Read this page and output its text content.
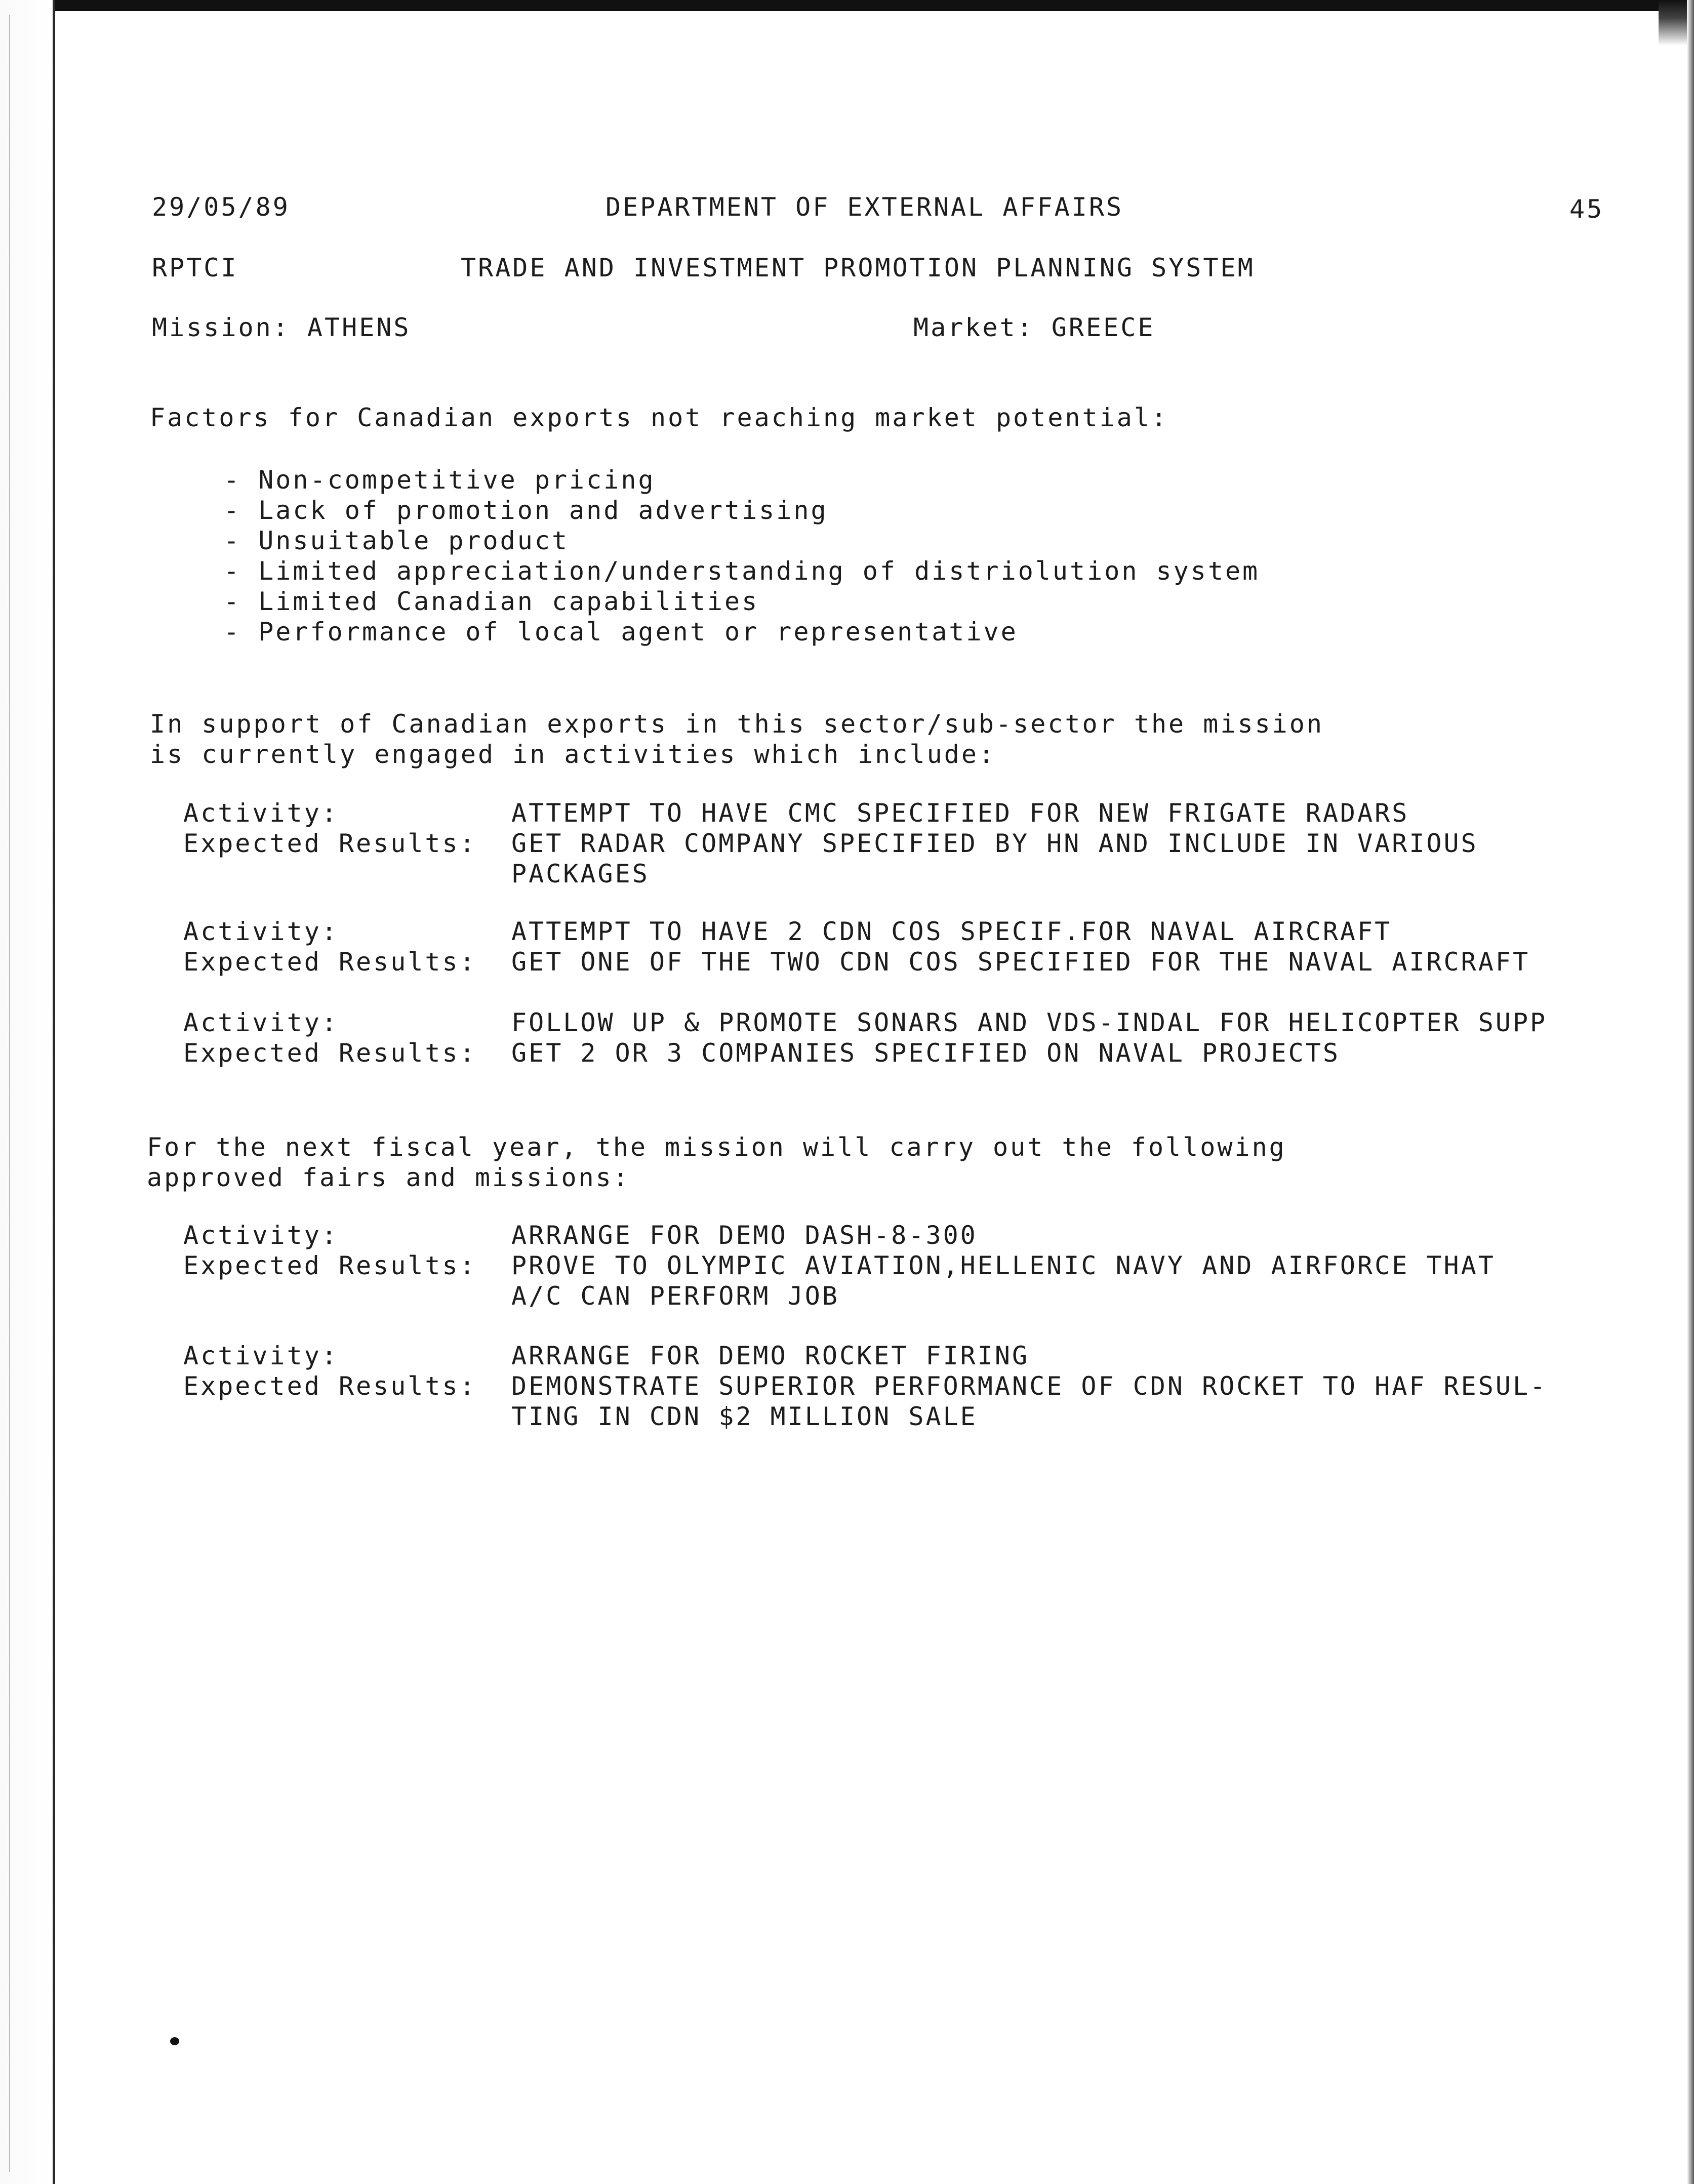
29/05/89	DEPARTMENT OF EXTERNAL AFFAIRS	45
RPTCI	TRADE AND INVESTMENT PROMOTION PLANNING SYSTEM
Mission: ATHENS	Market: GREECE
Factors for Canadian exports not reaching market potential:
- Non-competitive pricing
- Lack of promotion and advertising
- Unsuitable product
- Limited appreciation/understanding of distriolution system
- Limited Canadian capabilities
- Performance of local agent or representative
In support of Canadian exports in this sector/sub-sector the mission
is currently engaged in activities which include:
Activity:	ATTEMPT TO HAVE CMC SPECIFIED FOR NEW FRIGATE RADARS
Expected Results: GET RADAR COMPANY SPECIFIED BY HN AND INCLUDE IN VARIOUS
PACKAGES
Activity:	ATTEMPT TO HAVE 2 CDN COS SPECIF.FOR NAVAL AIRCRAFT
Expected Results: GET ONE OF THE TWO CDN COS SPECIFIED FOR THE NAVAL AIRCRAFT
Activity:	FOLLOW UP & PROMOTE SONARS AND VDS-INDAL FOR HELICOPTER SUPP
Expected Results: GET 2 OR 3 COMPANIES SPECIFIED ON NAVAL PROJECTS
For the next fiscal year, the mission will carry out the following
approved fairs and missions:
Activity:	ARRANGE FOR DEMO DASH-8-300
Expected Results: PROVE TO OLYMPIC AVIATION,HELLENIC NAVY AND AIRFORCE THAT
A/C CAN PERFORM JOB
Activity:	ARRANGE FOR DEMO ROCKET FIRING
Expected Results: DEMONSTRATE SUPERIOR PERFORMANCE OF CDN ROCKET TO HAF RESUL-
TING IN CDN $2 MILLION SALE
